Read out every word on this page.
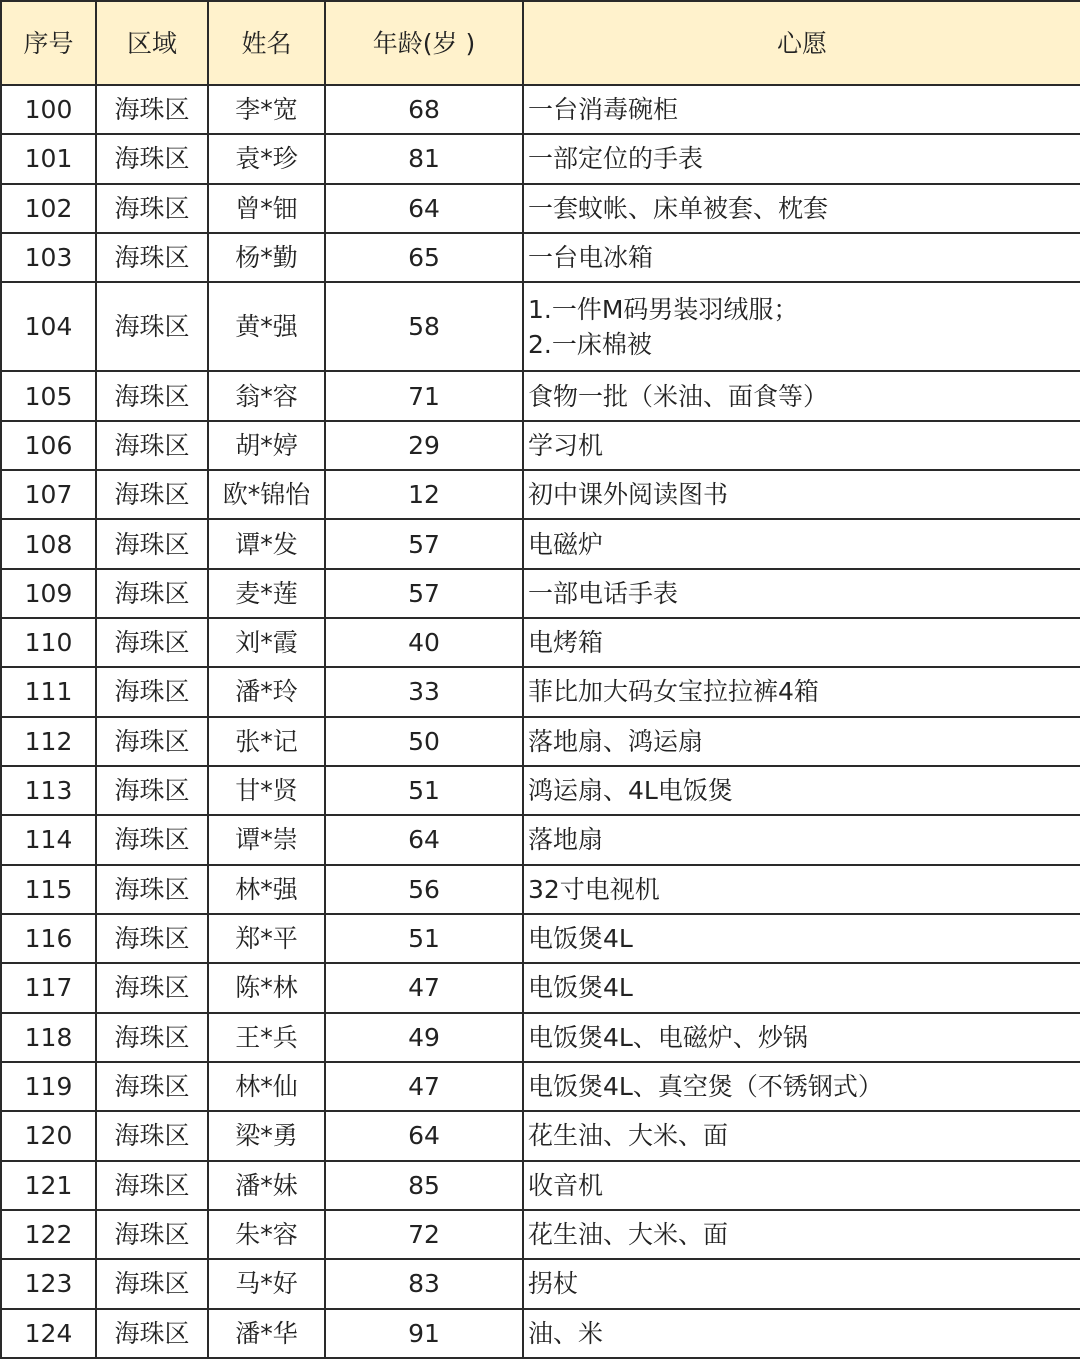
序号	区域	姓名	年龄(岁 )	心愿
100	海珠区	李*宽	68	一台消毒碗柜

101	海珠区	袁*珍	81	一部定位的手表

102	海珠区	曾*钿	64	一套蚊帐、床单被套、枕套

103	海珠区	杨*勤	65	一台电冰箱

104	海珠区	黄*强	58	1.一件M码男装羽绒服；
2.一床棉被

105	海珠区	翁*容	71	食物一批（米油、面食等）

106	海珠区	胡*婷	29	学习机

107	海珠区	欧*锦怡	12	初中课外阅读图书

108	海珠区	谭*发	57	电磁炉

109	海珠区	麦*莲	57	一部电话手表

110	海珠区	刘*霞	40	电烤箱

111	海珠区	潘*玲	33	菲比加大码女宝拉拉裤4箱

112	海珠区	张*记	50	落地扇、鸿运扇

113	海珠区	甘*贤	51	鸿运扇、4L电饭煲

114	海珠区	谭*崇	64	落地扇

115	海珠区	林*强	56	32寸电视机

116	海珠区	郑*平	51	电饭煲4L

117	海珠区	陈*林	47	电饭煲4L

118	海珠区	王*兵	49	电饭煲4L、电磁炉、炒锅

119	海珠区	林*仙	47	电饭煲4L、真空煲（不锈钢式）

120	海珠区	梁*勇	64	花生油、大米、面

121	海珠区	潘*妹	85	收音机

122	海珠区	朱*容	72	花生油、大米、面

123	海珠区	马*好	83	拐杖

124	海珠区	潘*华	91	油、米
